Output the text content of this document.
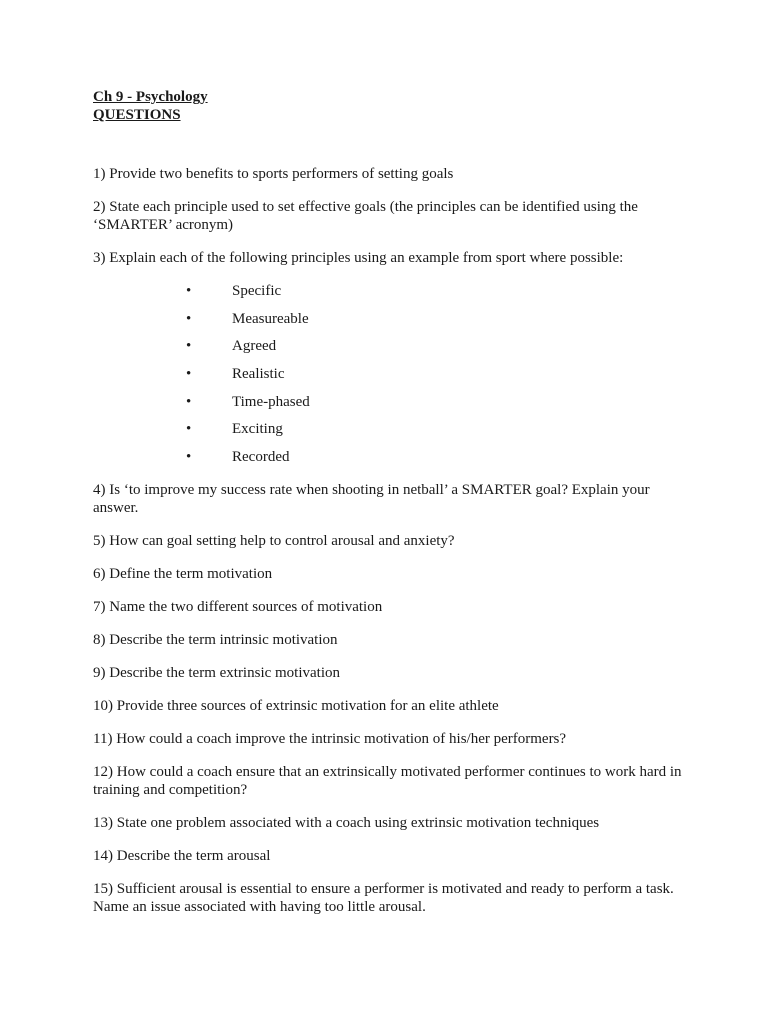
Ch 9 - Psychology
QUESTIONS

1) Provide two benefits to sports performers of setting goals

2) State each principle used to set effective goals (the principles can be identified using the ‘SMARTER’ acronym)

3) Explain each of the following principles using an example from sport where possible:

•	Specific
•	Measureable
•	Agreed
•	Realistic
•	Time-phased
•	Exciting
•	Recorded

4) Is ‘to improve my success rate when shooting in netball’ a SMARTER goal? Explain your answer.

5) How can goal setting help to control arousal and anxiety?

6) Define the term motivation

7) Name the two different sources of motivation

8) Describe the term intrinsic motivation

9) Describe the term extrinsic motivation

10) Provide three sources of extrinsic motivation for an elite athlete

11) How could a coach improve the intrinsic motivation of his/her performers?

12) How could a coach ensure that an extrinsically motivated performer continues to work hard in training and competition?

13) State one problem associated with a coach using extrinsic motivation techniques

14) Describe the term arousal

15) Sufficient arousal is essential to ensure a performer is motivated and ready to perform a task. Name an issue associated with having too little arousal.
